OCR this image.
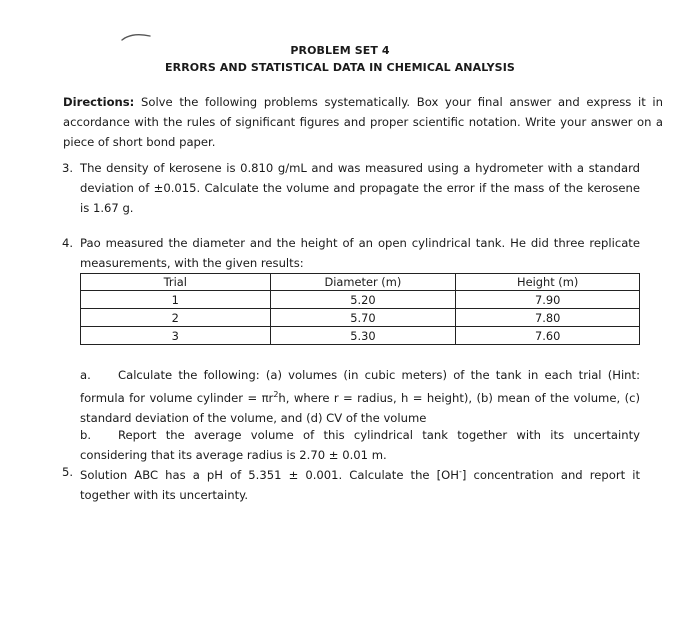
PROBLEM SET 4
ERRORS AND STATISTICAL DATA IN CHEMICAL ANALYSIS
Directions: Solve the following problems systematically. Box your final answer and express it in accordance with the rules of significant figures and proper scientific notation. Write your answer on a piece of short bond paper.
3. The density of kerosene is 0.810 g/mL and was measured using a hydrometer with a standard deviation of ±0.015. Calculate the volume and propagate the error if the mass of the kerosene is 1.67 g.
4. Pao measured the diameter and the height of an open cylindrical tank. He did three replicate measurements, with the given results:
Trial	Diameter (m)	Height (m)
1	5.20	7.90
2	5.70	7.80
3	5.30	7.60
a.	Calculate the following: (a) volumes (in cubic meters) of the tank in each trial (Hint: formula for volume cylinder = $\pi r^2h$, where r = radius, h = height), (b) mean of the volume, (c) standard deviation of the volume, and (d) CV of the volume
b.	Report the average volume of this cylindrical tank together with its uncertainty considering that its average radius is 2.70 ± 0.01 m.
5. Solution ABC has a pH of 5.351 ± 0.001. Calculate the [OH-] concentration and report it together with its uncertainty.
